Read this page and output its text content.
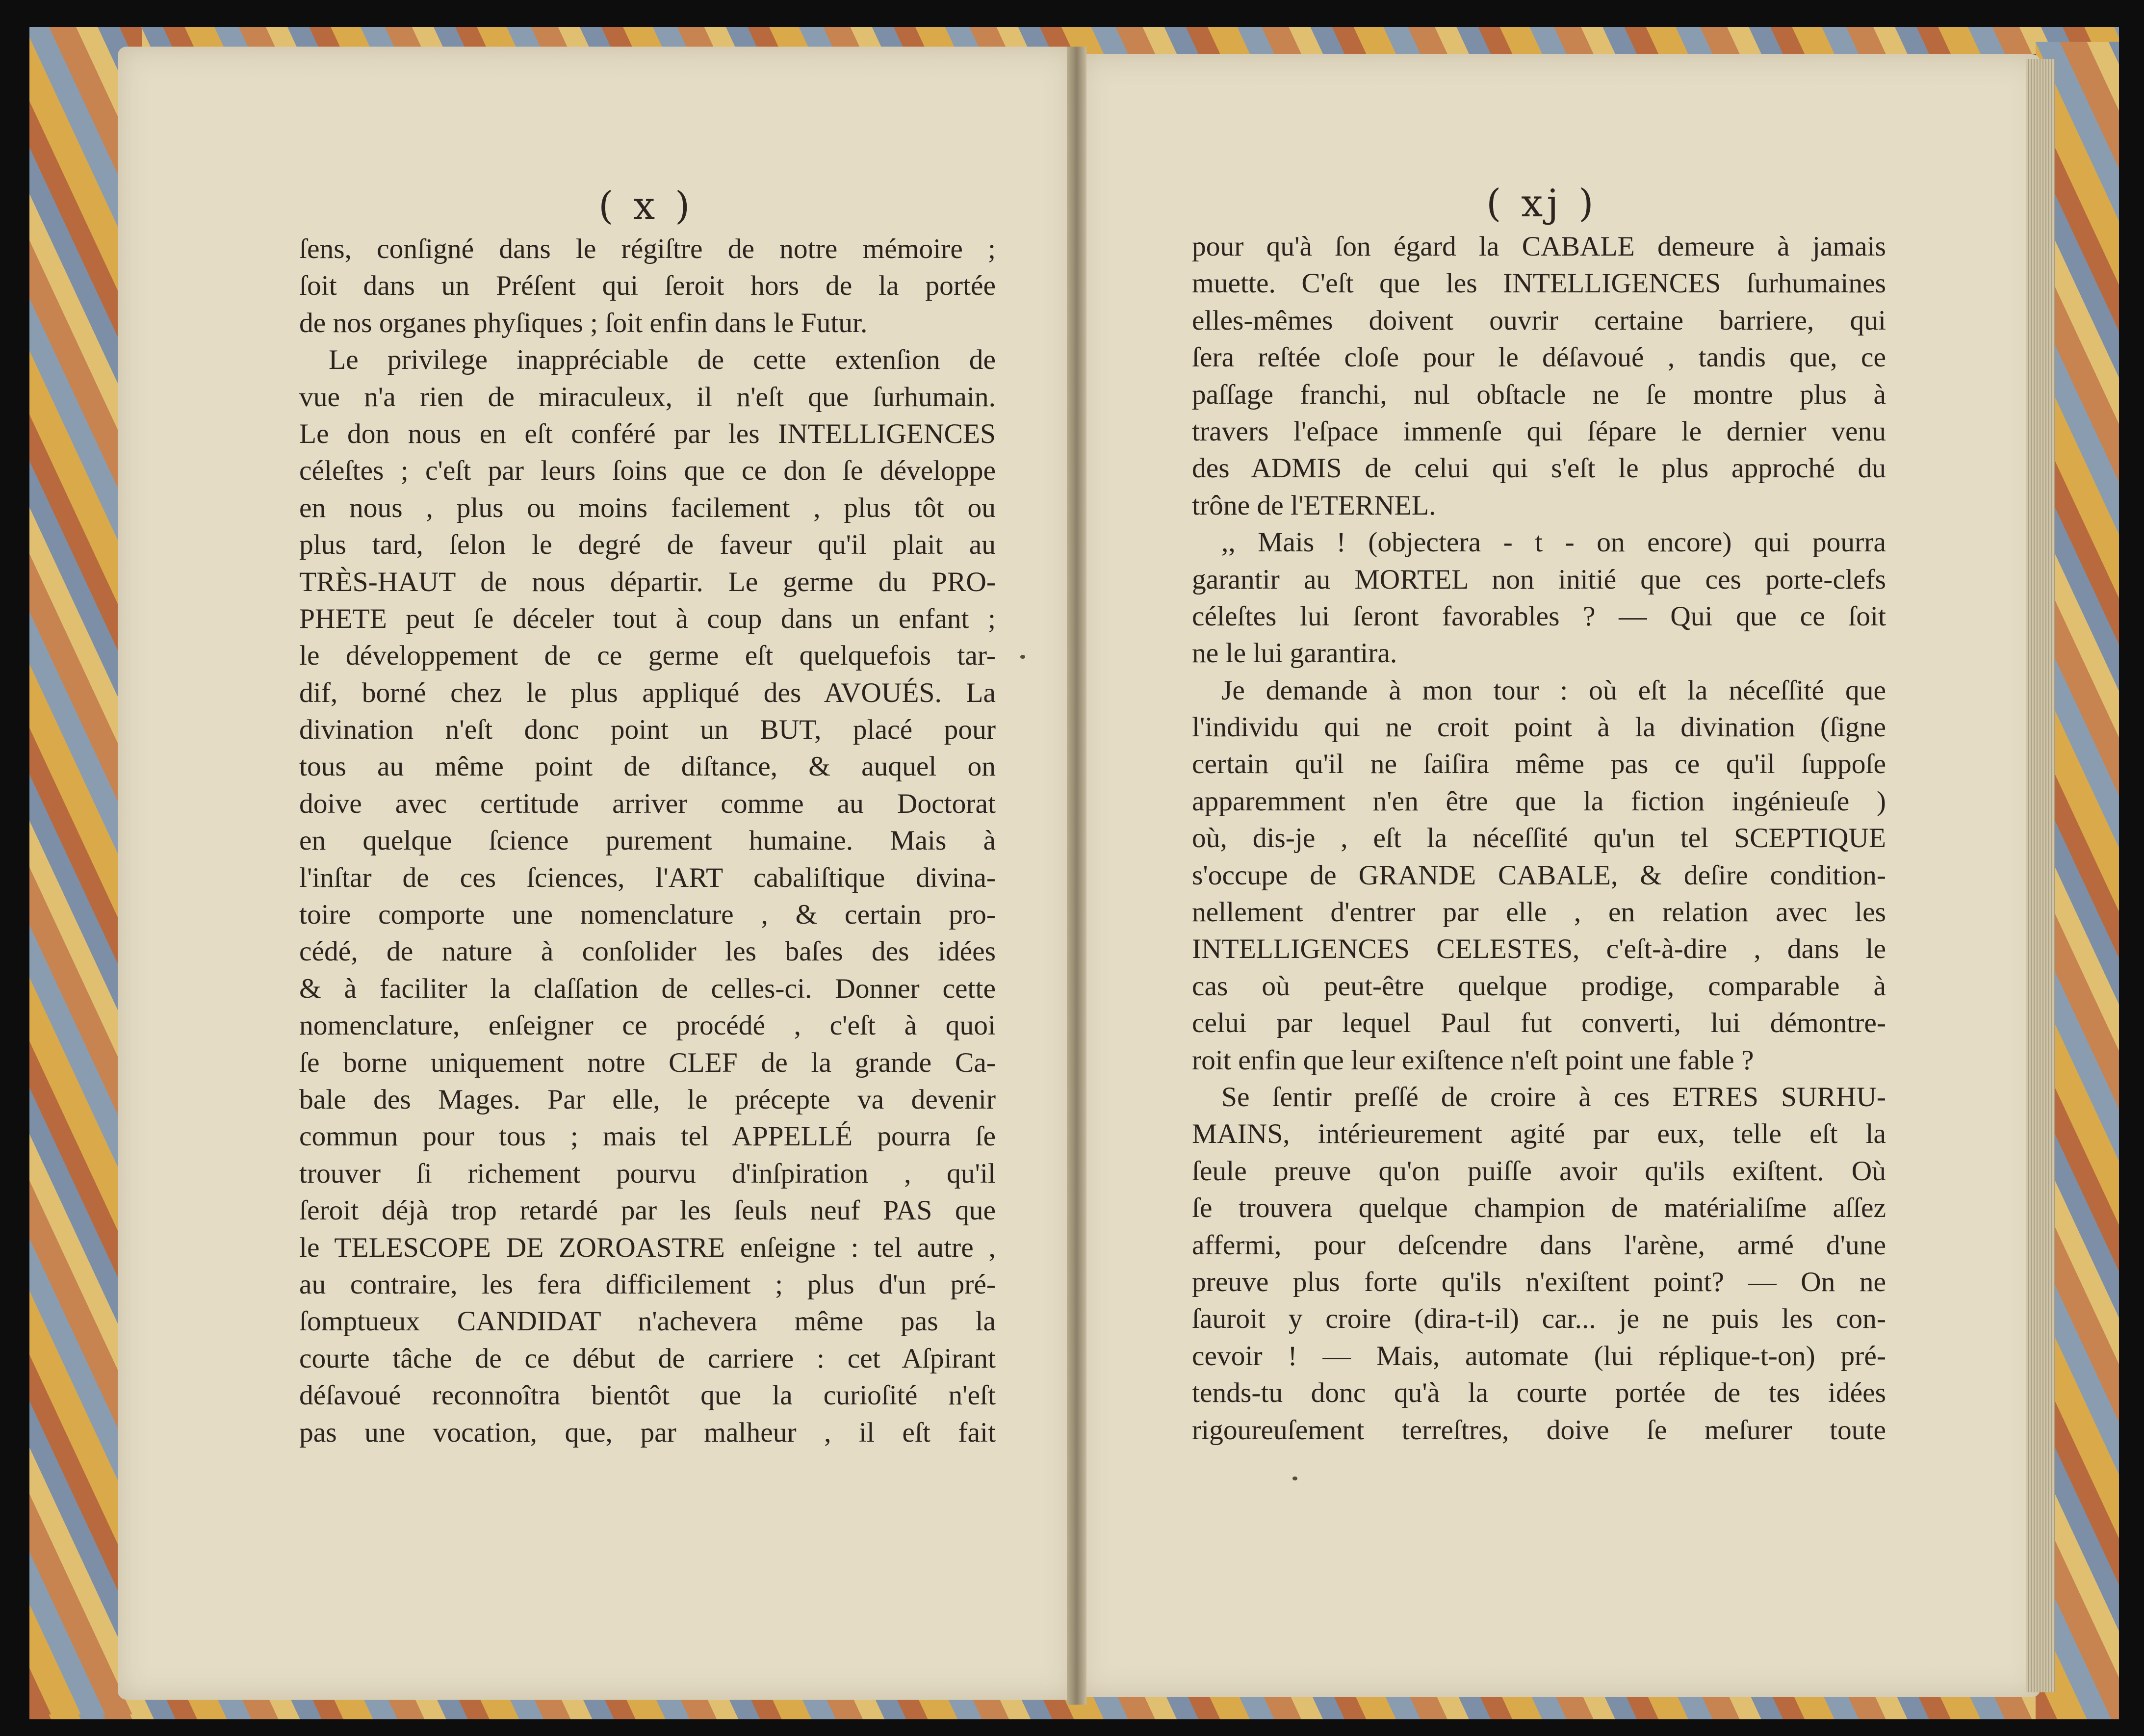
( x )	( xj )
ſens, conſigné dans le régiſtre de notre mémoire ;
ſoit dans un Préſent qui ſeroit hors de la portée
de nos organes phyſiques ; ſoit enfin dans le Futur.
Le privilege inappréciable de cette extenſion de
vue n'a rien de miraculeux, il n'eſt que ſurhumain.
Le don nous en eſt conféré par les INTELLIGENCES
céleſtes ; c'eſt par leurs ſoins que ce don ſe développe
en nous , plus ou moins facilement , plus tôt ou
plus tard, ſelon le degré de faveur qu'il plait au
TRÈS-HAUT de nous départir. Le germe du PRO-
PHETE peut ſe déceler tout à coup dans un enfant ;
le développement de ce germe eſt quelquefois tar-
dif, borné chez le plus appliqué des AVOUÉS. La
divination n'eſt donc point un BUT, placé pour
tous au même point de diſtance, & auquel on
doive avec certitude arriver comme au Doctorat
en quelque ſcience purement humaine. Mais à
l'inſtar de ces ſciences, l'ART cabaliſtique divina-
toire comporte une nomenclature , & certain pro-
cédé, de nature à conſolider les baſes des idées
& à faciliter la claſſation de celles-ci. Donner cette
nomenclature, enſeigner ce procédé , c'eſt à quoi
ſe borne uniquement notre CLEF de la grande Ca-
bale des Mages. Par elle, le précepte va devenir
commun pour tous ; mais tel APPELLÉ pourra ſe
trouver ſi richement pourvu d'inſpiration , qu'il
ſeroit déjà trop retardé par les ſeuls neuf PAS que
le TELESCOPE DE ZOROASTRE enſeigne : tel autre ,
au contraire, les fera difficilement ; plus d'un pré-
ſomptueux CANDIDAT n'achevera même pas la
courte tâche de ce début de carriere : cet Aſpirant
déſavoué reconnoîtra bientôt que la curioſité n'eſt
pas une vocation, que, par malheur , il eſt fait
pour qu'à ſon égard la CABALE demeure à jamais
muette. C'eſt que les INTELLIGENCES ſurhumaines
elles-mêmes doivent ouvrir certaine barriere, qui
ſera reſtée cloſe pour le déſavoué , tandis que, ce
paſſage franchi, nul obſtacle ne ſe montre plus à
travers l'eſpace immenſe qui ſépare le dernier venu
des ADMIS de celui qui s'eſt le plus approché du
trône de l'ETERNEL.
,, Mais ! (objectera - t - on encore) qui pourra
garantir au MORTEL non initié que ces porte-clefs
céleſtes lui ſeront favorables ? — Qui que ce ſoit
ne le lui garantira.
Je demande à mon tour : où eſt la néceſſité que
l'individu qui ne croit point à la divination (ſigne
certain qu'il ne ſaiſira même pas ce qu'il ſuppoſe
apparemment n'en être que la fiction ingénieuſe )
où, dis-je , eſt la néceſſité qu'un tel SCEPTIQUE
s'occupe de GRANDE CABALE, & deſire condition-
nellement d'entrer par elle , en relation avec les
INTELLIGENCES CELESTES, c'eſt-à-dire , dans le
cas où peut-être quelque prodige, comparable à
celui par lequel Paul fut converti, lui démontre-
roit enfin que leur exiſtence n'eſt point une fable ?
Se ſentir preſſé de croire à ces ETRES SURHU-
MAINS, intérieurement agité par eux, telle eſt la
ſeule preuve qu'on puiſſe avoir qu'ils exiſtent. Où
ſe trouvera quelque champion de matérialiſme aſſez
affermi, pour deſcendre dans l'arène, armé d'une
preuve plus forte qu'ils n'exiſtent point? — On ne
ſauroit y croire (dira-t-il) car... je ne puis les con-
cevoir ! — Mais, automate (lui réplique-t-on) pré-
tends-tu donc qu'à la courte portée de tes idées
rigoureuſement terreſtres, doive ſe meſurer toute
